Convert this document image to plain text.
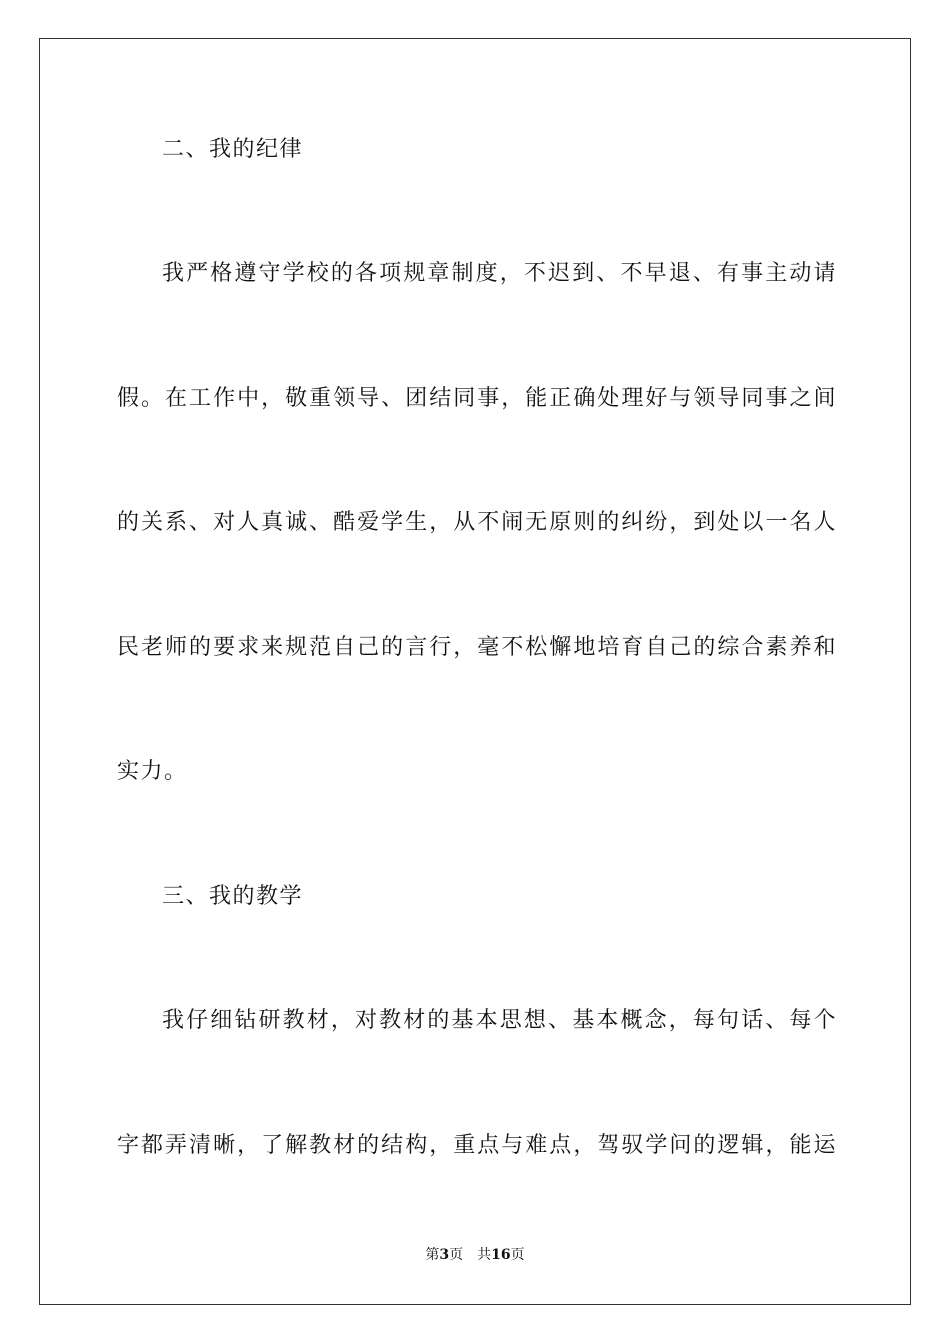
二、我的纪律
我严格遵守学校的各项规章制度，不迟到、不早退、有事主动请
假。在工作中，敬重领导、团结同事，能正确处理好与领导同事之间
的关系、对人真诚、酷爱学生，从不闹无原则的纠纷，到处以一名人
民老师的要求来规范自己的言行，毫不松懈地培育自己的综合素养和
实力。
三、我的教学
我仔细钻研教材，对教材的基本思想、基本概念，每句话、每个
字都弄清晰，了解教材的结构，重点与难点，驾驭学问的逻辑，能运
第3页 共16页
